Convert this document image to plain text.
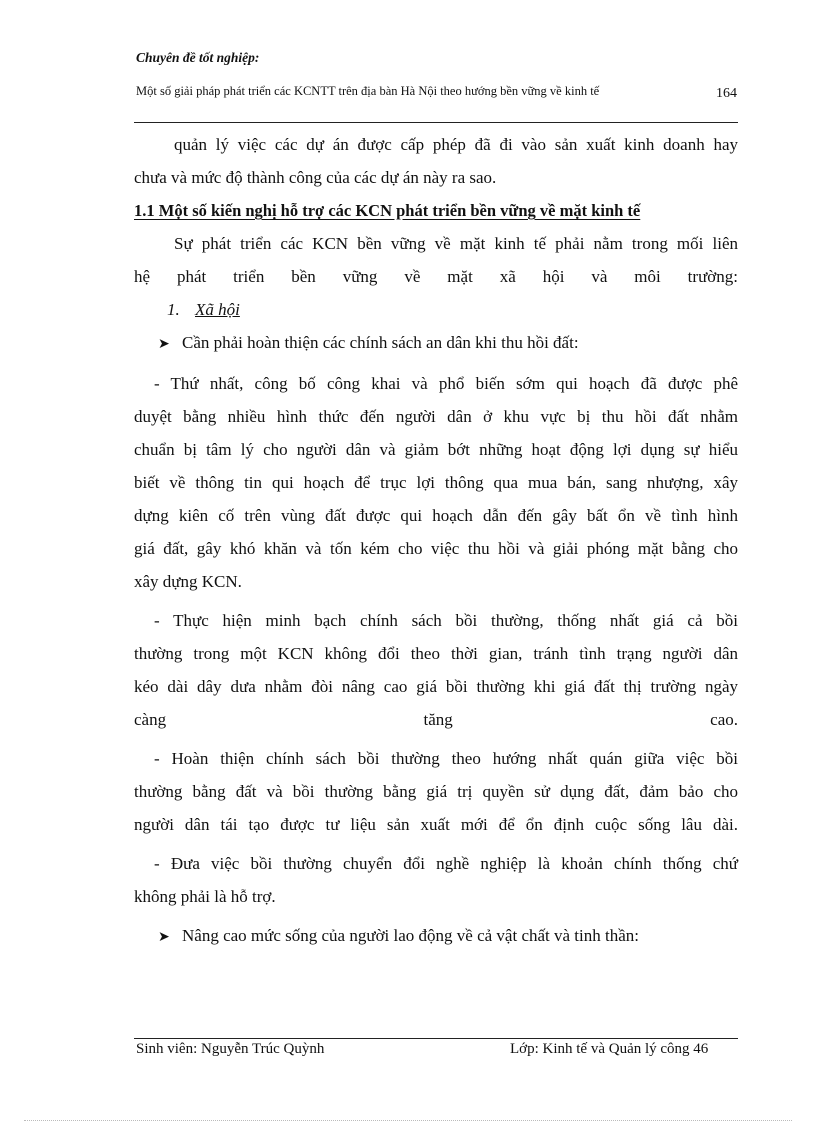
Chuyên đề tốt nghiệp:
Một số giải pháp phát triển các KCNTT trên địa bàn Hà Nội theo hướng bền vững về kinh tế	164

quản lý việc các dự án được cấp phép đã đi vào sản xuất kinh doanh hay

chưa và mức độ thành công của các dự án này ra sao.

1.1 Một số kiến nghị hỗ trợ các KCN phát triển bền vững về mặt kinh tế

Sự phát triển các KCN bền vững về mặt kinh tế phải nằm trong mối liên

hệ phát triển bền vững về mặt xã hội và môi trường:

1. Xã hội

➤ Cần phải hoàn thiện các chính sách an dân khi thu hồi đất:

- Thứ nhất, công bố công khai và phổ biến sớm qui hoạch đã được phê

duyệt bằng nhiều hình thức đến người dân ở khu vực bị thu hồi đất nhằm

chuẩn bị tâm lý cho người dân và giảm bớt những hoạt động lợi dụng sự hiểu

biết về thông tin qui hoạch để trục lợi thông qua mua bán, sang nhượng, xây

dựng kiên cố trên vùng đất được qui hoạch dẫn đến gây bất ổn về tình hình

giá đất, gây khó khăn và tốn kém cho việc thu hồi và giải phóng mặt bằng cho

xây dựng KCN.

- Thực hiện minh bạch chính sách bồi thường, thống nhất giá cả bồi

thường trong một KCN không đổi theo thời gian, tránh tình trạng người dân

kéo dài dây dưa nhằm đòi nâng cao giá bồi thường khi giá đất thị trường ngày

càng tăng cao.

- Hoàn thiện chính sách bồi thường theo hướng nhất quán giữa việc bồi

thường bằng đất và bồi thường bằng giá trị quyền sử dụng đất, đảm bảo cho

người dân tái tạo được tư liệu sản xuất mới để ổn định cuộc sống lâu dài.

- Đưa việc bồi thường chuyển đổi nghề nghiệp là khoản chính thống chứ

không phải là hỗ trợ.

➤ Nâng cao mức sống của người lao động về cả vật chất và tinh thần:

Sinh viên: Nguyễn Trúc Quỳnh	Lớp: Kinh tế và Quản lý công 46
